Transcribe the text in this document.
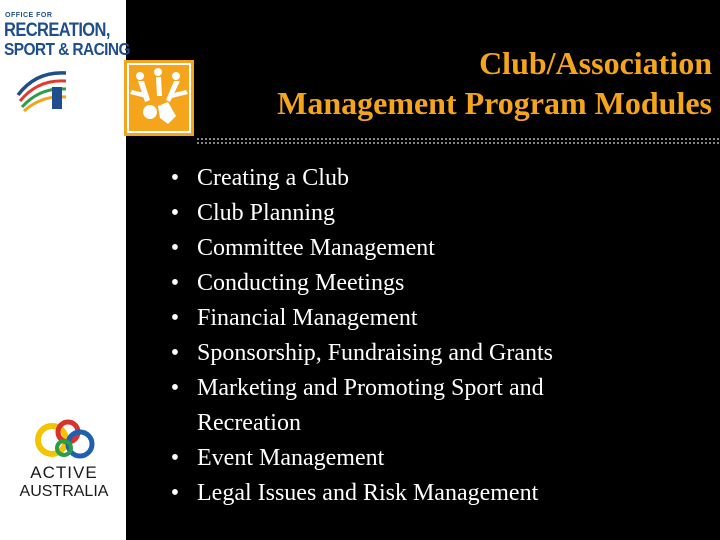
OFFICE FOR
RECREATION,
SPORT & RACING
ACTIVE
AUSTRALIA
Club/Association
Management Program Modules
• Creating a Club
• Club Planning
• Committee Management
• Conducting Meetings
• Financial Management
• Sponsorship, Fundraising and Grants
• Marketing and Promoting Sport and Recreation
• Event Management
• Legal Issues and Risk Management
